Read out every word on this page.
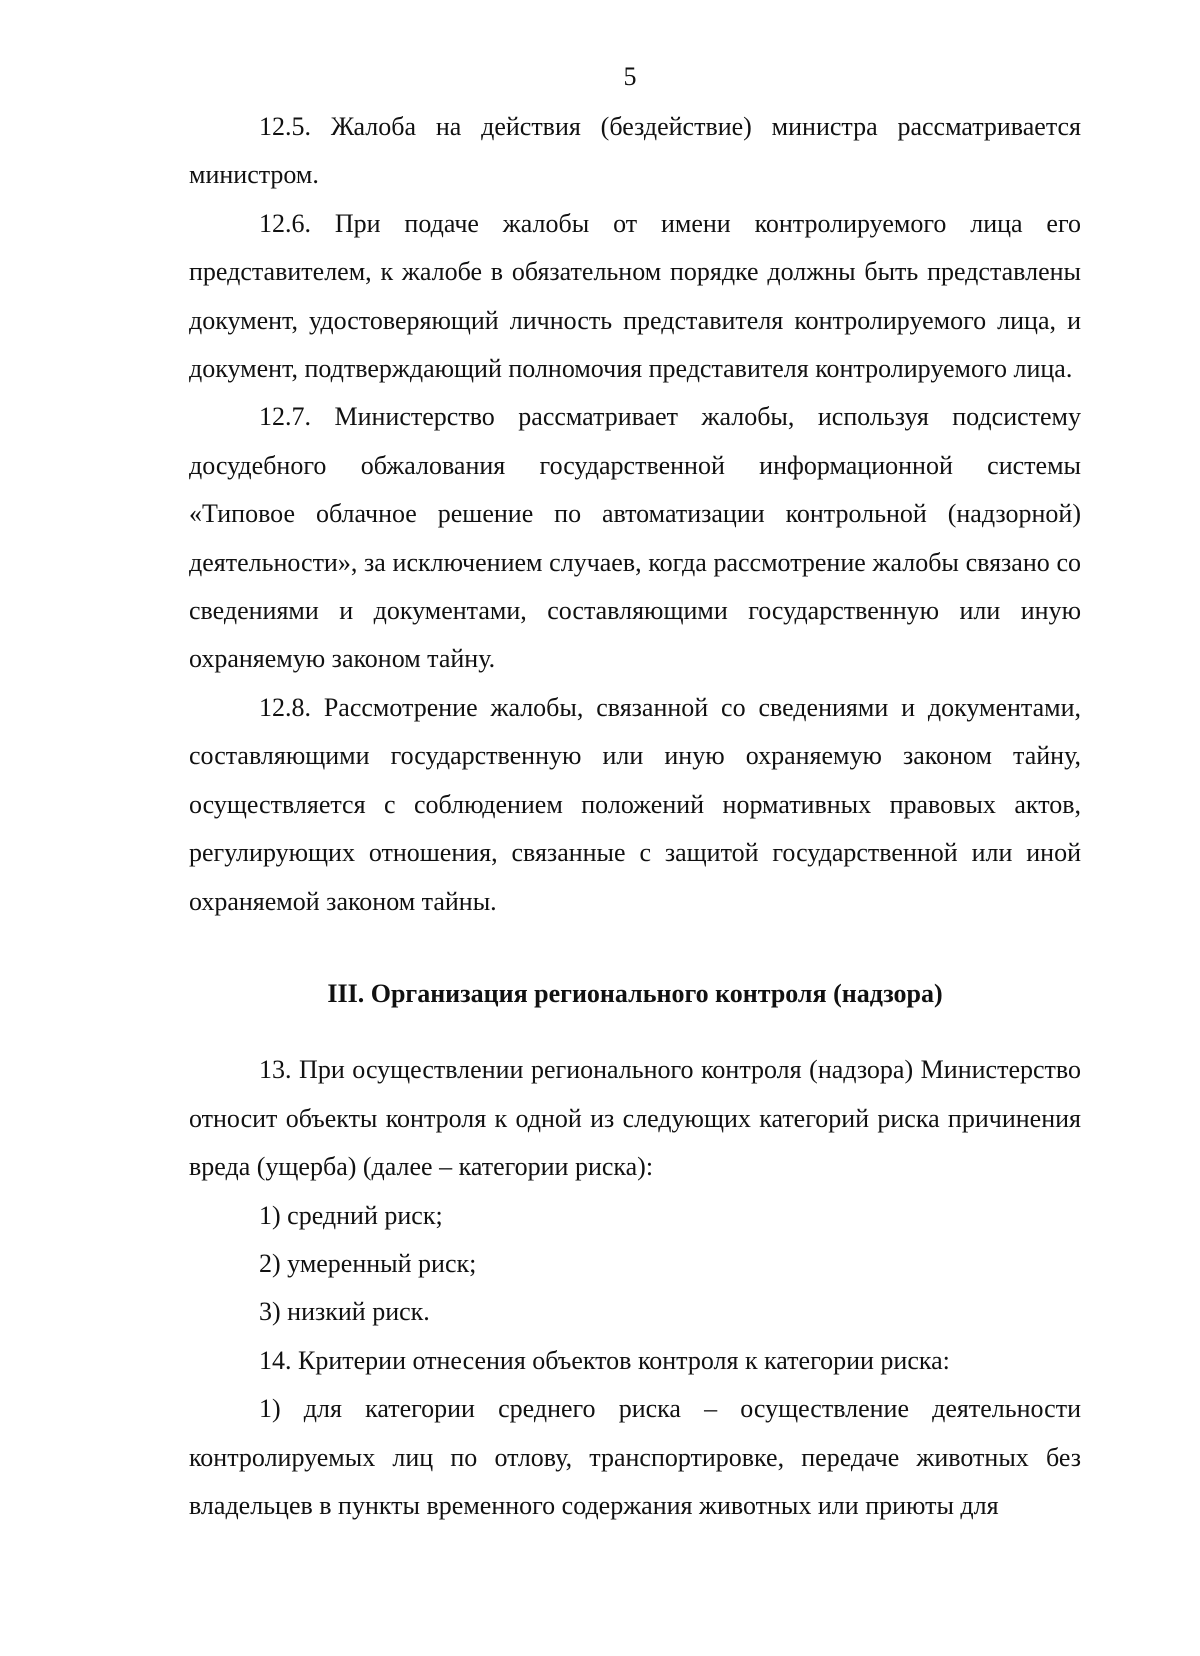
5

12.5. Жалоба на действия (бездействие) министра рассматривается министром.

12.6. При подаче жалобы от имени контролируемого лица его представителем, к жалобе в обязательном порядке должны быть представлены документ, удостоверяющий личность представителя контролируемого лица, и документ, подтверждающий полномочия представителя контролируемого лица.

12.7. Министерство рассматривает жалобы, используя подсистему досудебного обжалования государственной информационной системы «Типовое облачное решение по автоматизации контрольной (надзорной) деятельности», за исключением случаев, когда рассмотрение жалобы связано со сведениями и документами, составляющими государственную или иную охраняемую законом тайну.

12.8. Рассмотрение жалобы, связанной со сведениями и документами, составляющими государственную или иную охраняемую законом тайну, осуществляется с соблюдением положений нормативных правовых актов, регулирующих отношения, связанные с защитой государственной или иной охраняемой законом тайны.

III. Организация регионального контроля (надзора)

13. При осуществлении регионального контроля (надзора) Министерство относит объекты контроля к одной из следующих категорий риска причинения вреда (ущерба) (далее – категории риска):

1) средний риск;

2) умеренный риск;

3) низкий риск.

14. Критерии отнесения объектов контроля к категории риска:

1) для категории среднего риска – осуществление деятельности контролируемых лиц по отлову, транспортировке, передаче животных без владельцев в пункты временного содержания животных или приюты для
